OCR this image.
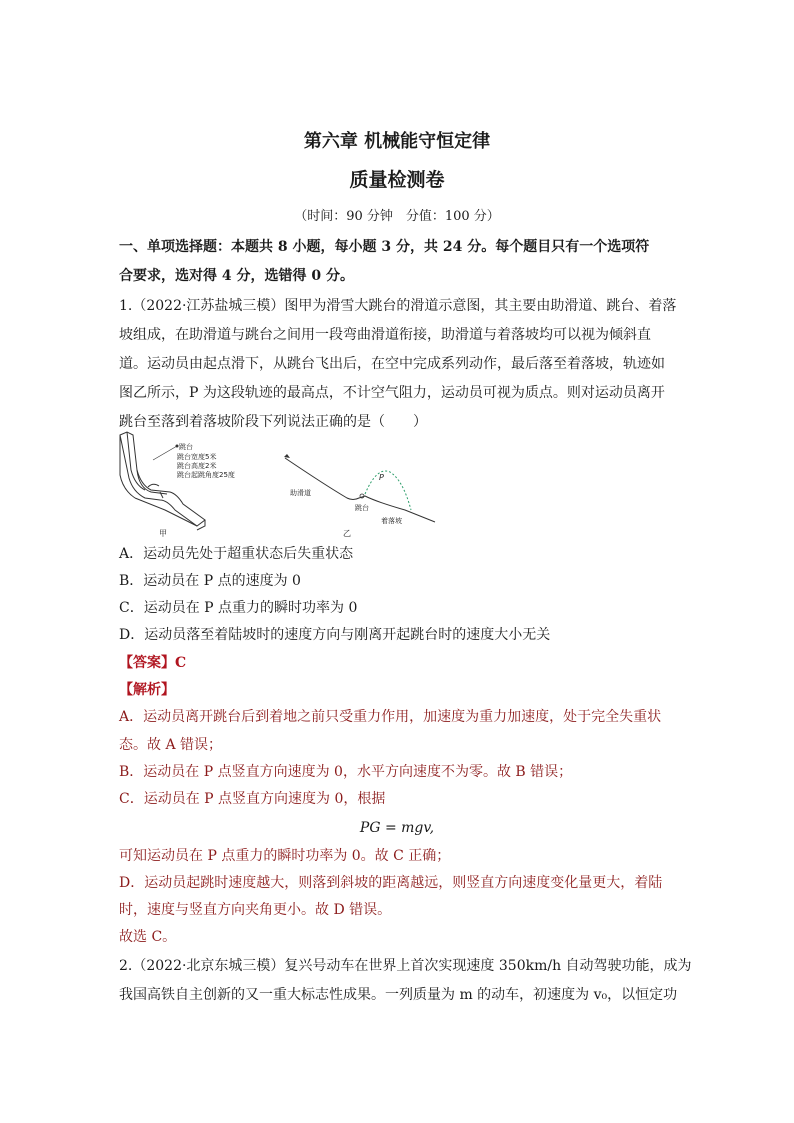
第六章 机械能守恒定律
质量检测卷
（时间：90 分钟　分值：100 分）
一、单项选择题：本题共 8 小题，每小题 3 分，共 24 分。每个题目只有一个选项符
合要求，选对得 4 分，选错得 0 分。
1.（2022·江苏盐城三模）图甲为滑雪大跳台的滑道示意图，其主要由助滑道、跳台、着落
坡组成，在助滑道与跳台之间用一段弯曲滑道衔接，助滑道与着落坡均可以视为倾斜直
道。运动员由起点滑下，从跳台飞出后，在空中完成系列动作，最后落至着落坡，轨迹如
图乙所示，P 为这段轨迹的最高点，不计空气阻力，运动员可视为质点。则对运动员离开
跳台至落到着落坡阶段下列说法正确的是（　　）
跳台
跳台宽度5米
跳台高度2米
跳台起跳角度25度
甲
助滑道
跳台
P
着落坡
乙
A．运动员先处于超重状态后失重状态
B．运动员在 P 点的速度为 0
C．运动员在 P 点重力的瞬时功率为 0
D．运动员落至着陆坡时的速度方向与刚离开起跳台时的速度大小无关
【答案】C
【解析】
A．运动员离开跳台后到着地之前只受重力作用，加速度为重力加速度，处于完全失重状
态。故 A 错误；
B．运动员在 P 点竖直方向速度为 0，水平方向速度不为零。故 B 错误；
C．运动员在 P 点竖直方向速度为 0，根据
PG = mgv,
可知运动员在 P 点重力的瞬时功率为 0。故 C 正确；
D．运动员起跳时速度越大，则落到斜坡的距离越远，则竖直方向速度变化量更大，着陆
时，速度与竖直方向夹角更小。故 D 错误。
故选 C。
2.（2022·北京东城三模）复兴号动车在世界上首次实现速度 350km/h 自动驾驶功能，成为
我国高铁自主创新的又一重大标志性成果。一列质量为 m 的动车，初速度为 v₀，以恒定功
